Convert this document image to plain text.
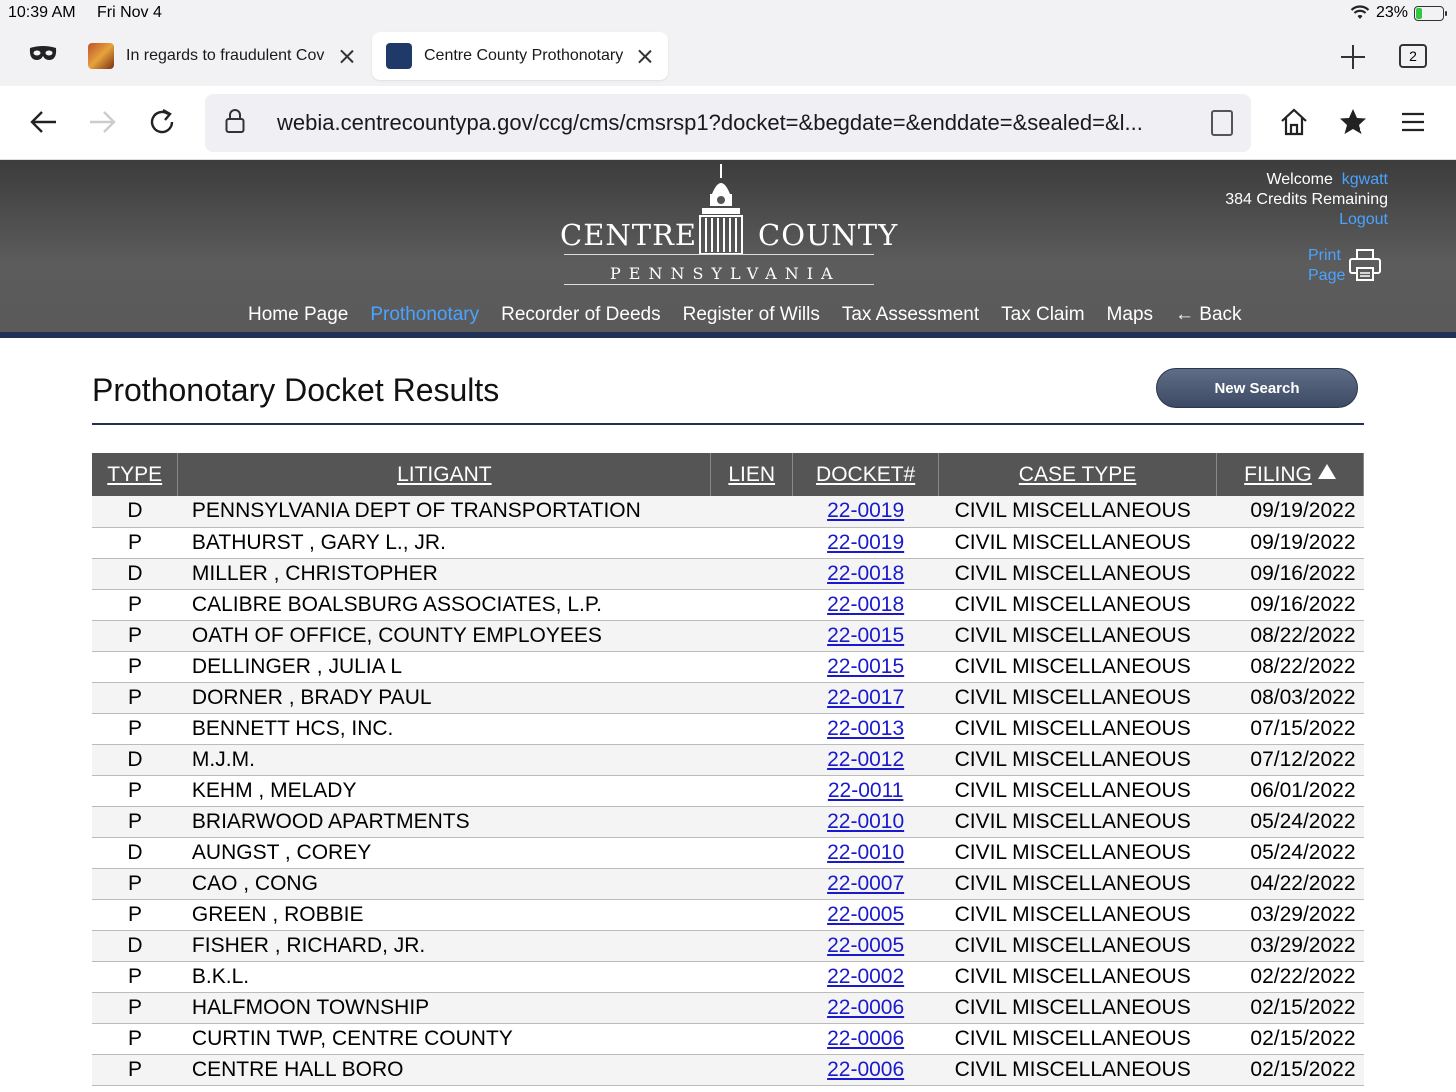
10:39 AM Fri Nov 4	23%
In regards to fraudulent Cov	Centre County Prothonotary	2
webia.centrecountypa.gov/ccg/cms/cmsrsp1?docket=&begdate=&enddate=&sealed=&l...
CENTRE COUNTY
PENNSYLVANIA
Welcome kgwatt
384 Credits Remaining
Logout
Print
Page
Home Page Prothonotary Recorder of Deeds Register of Wills Tax Assessment Tax Claim Maps ← Back
Prothonotary Docket Results	New Search
TYPE	LITIGANT	LIEN	DOCKET#	CASE TYPE	FILING
D	PENNSYLVANIA DEPT OF TRANSPORTATION		22-0019	CIVIL MISCELLANEOUS	09/19/2022
P	BATHURST , GARY L., JR.		22-0019	CIVIL MISCELLANEOUS	09/19/2022
D	MILLER , CHRISTOPHER		22-0018	CIVIL MISCELLANEOUS	09/16/2022
P	CALIBRE BOALSBURG ASSOCIATES, L.P.		22-0018	CIVIL MISCELLANEOUS	09/16/2022
P	OATH OF OFFICE, COUNTY EMPLOYEES		22-0015	CIVIL MISCELLANEOUS	08/22/2022
P	DELLINGER , JULIA L		22-0015	CIVIL MISCELLANEOUS	08/22/2022
P	DORNER , BRADY PAUL		22-0017	CIVIL MISCELLANEOUS	08/03/2022
P	BENNETT HCS, INC.		22-0013	CIVIL MISCELLANEOUS	07/15/2022
D	M.J.M.		22-0012	CIVIL MISCELLANEOUS	07/12/2022
P	KEHM , MELADY		22-0011	CIVIL MISCELLANEOUS	06/01/2022
P	BRIARWOOD APARTMENTS		22-0010	CIVIL MISCELLANEOUS	05/24/2022
D	AUNGST , COREY		22-0010	CIVIL MISCELLANEOUS	05/24/2022
P	CAO , CONG		22-0007	CIVIL MISCELLANEOUS	04/22/2022
P	GREEN , ROBBIE		22-0005	CIVIL MISCELLANEOUS	03/29/2022
D	FISHER , RICHARD, JR.		22-0005	CIVIL MISCELLANEOUS	03/29/2022
P	B.K.L.		22-0002	CIVIL MISCELLANEOUS	02/22/2022
P	HALFMOON TOWNSHIP		22-0006	CIVIL MISCELLANEOUS	02/15/2022
P	CURTIN TWP, CENTRE COUNTY		22-0006	CIVIL MISCELLANEOUS	02/15/2022
P	CENTRE HALL BORO		22-0006	CIVIL MISCELLANEOUS	02/15/2022
